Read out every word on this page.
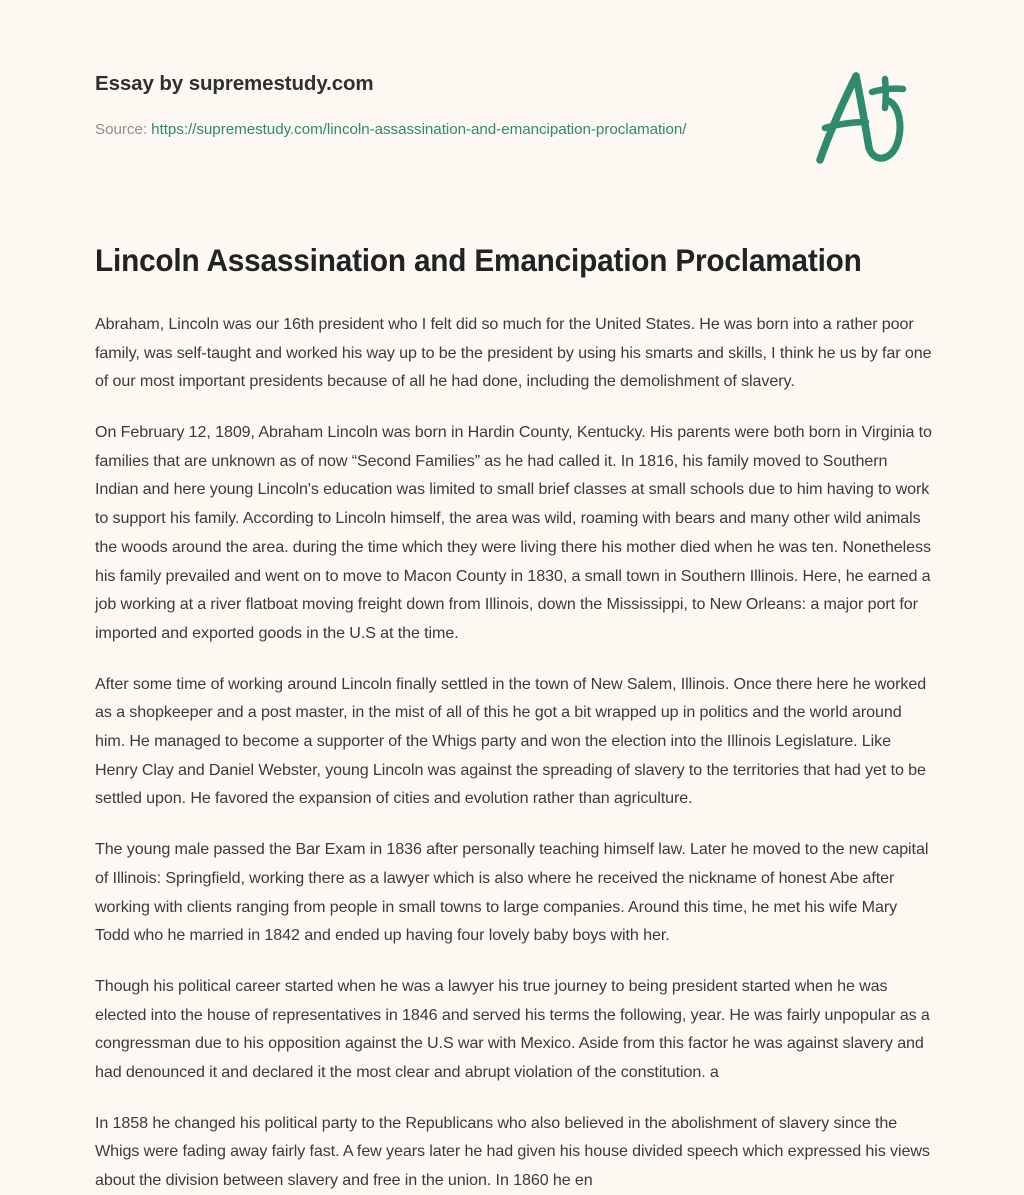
Essay by supremestudy.com
Source: https://supremestudy.com/lincoln-assassination-and-emancipation-proclamation/
Lincoln Assassination and Emancipation Proclamation

Abraham, Lincoln was our 16th president who I felt did so much for the United States. He was born into a rather poor family, was self-taught and worked his way up to be the president by using his smarts and skills, I think he us by far one of our most important presidents because of all he had done, including the demolishment of slavery.

On February 12, 1809, Abraham Lincoln was born in Hardin County, Kentucky. His parents were both born in Virginia to families that are unknown as of now “Second Families” as he had called it. In 1816, his family moved to Southern Indian and here young Lincoln's education was limited to small brief classes at small schools due to him having to work to support his family. According to Lincoln himself, the area was wild, roaming with bears and many other wild animals the woods around the area. during the time which they were living there his mother died when he was ten. Nonetheless his family prevailed and went on to move to Macon County in 1830, a small town in Southern Illinois. Here, he earned a job working at a river flatboat moving freight down from Illinois, down the Mississippi, to New Orleans: a major port for imported and exported goods in the U.S at the time.

After some time of working around Lincoln finally settled in the town of New Salem, Illinois. Once there here he worked as a shopkeeper and a post master, in the mist of all of this he got a bit wrapped up in politics and the world around him. He managed to become a supporter of the Whigs party and won the election into the Illinois Legislature. Like Henry Clay and Daniel Webster, young Lincoln was against the spreading of slavery to the territories that had yet to be settled upon. He favored the expansion of cities and evolution rather than agriculture.

The young male passed the Bar Exam in 1836 after personally teaching himself law. Later he moved to the new capital of Illinois: Springfield, working there as a lawyer which is also where he received the nickname of honest Abe after working with clients ranging from people in small towns to large companies. Around this time, he met his wife Mary Todd who he married in 1842 and ended up having four lovely baby boys with her.

Though his political career started when he was a lawyer his true journey to being president started when he was elected into the house of representatives in 1846 and served his terms the following, year. He was fairly unpopular as a congressman due to his opposition against the U.S war with Mexico. Aside from this factor he was against slavery and had denounced it and declared it the most clear and abrupt violation of the constitution. a

In 1858 he changed his political party to the Republicans who also believed in the abolishment of slavery since the Whigs were fading away fairly fast. A few years later he had given his house divided speech which expressed his views about the division between slavery and free in the union. In 1860 he en
